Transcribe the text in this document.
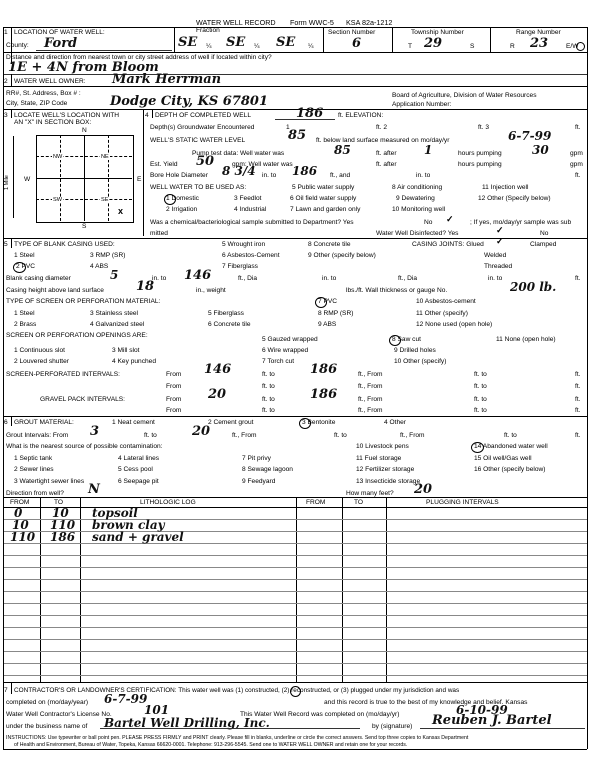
WATER WELL RECORD Form WWC-5 KSA 82a-1212
1 LOCATION OF WATER WELL:	Fraction	Section Number	Township Number	Range Number
County: Ford	SE ¼ SE ¼ SE ¼	6	T 29	S	R 23	E/W
Distance and direction from nearest town or city street address of well if located within city?
1E + 4N from Bloom
2 WATER WELL OWNER: Mark Herrman
RR#, St. Address, Box # :	Board of Agriculture, Division of Water Resources
City, State, ZIP Code	Dodge City, KS 67801	Application Number:
3 LOCATE WELL'S LOCATION WITH
AN "X" IN SECTION BOX:
N
S
W	E
1 Mile
NW	NE
SW	SE
x
4 DEPTH OF COMPLETED WELL	186 ft. ELEVATION:
Depth(s) Groundwater Encountered	1	ft. 2	ft. 3	ft.
WELL'S STATIC WATER LEVEL	85 ft. below land surface measured on mo/day/yr	6-7-99
Pump test data: Well water was	85	ft. after 1	hours pumping	30	gpm
Est. Yield 50	gpm: Well water was	ft. after	hours pumping	gpm
Bore Hole Diameter 8 3/4 in. to 186 ft., and	in. to	ft.
WELL WATER TO BE USED AS:	5 Public water supply	8 Air conditioning	11 Injection well
1 Domestic	3 Feedlot	6 Oil field water supply	9 Dewatering	12 Other (Specify below)
2 Irrigation	4 Industrial	7 Lawn and garden only	10 Monitoring well
Was a chemical/bacteriological sample submitted to Department? Yes	No ✓ ; If yes, mo/day/yr sample was sub
mitted	Water Well Disinfected? Yes	✓	No
5 TYPE OF BLANK CASING USED:	5 Wrought iron	8 Concrete tile	CASING JOINTS: Glued ✓	Clamped
1 Steel	3 RMP (SR)	6 Asbestos-Cement	9 Other (specify below)	Welded
2 PVC	4 ABS	7 Fiberglass	Threaded
Blank casing diameter	5	in. to 146	ft., Dia	in. to	ft., Dia	in. to	ft.
Casing height above land surface 18	in., weight	lbs./ft. Wall thickness or gauge No.	200 lb.
TYPE OF SCREEN OR PERFORATION MATERIAL:	7 PVC	10 Asbestos-cement
1 Steel	3 Stainless steel	5 Fiberglass	8 RMP (SR)	11 Other (specify)
2 Brass	4 Galvanized steel	6 Concrete tile	9 ABS	12 None used (open hole)
SCREEN OR PERFORATION OPENINGS ARE:
5 Gauzed wrapped	8 Saw cut	11 None (open hole)
1 Continuous slot	3 Mill slot	6 Wire wrapped	9 Drilled holes
2 Louvered shutter	4 Key punched	7 Torch cut	10 Other (specify)
SCREEN-PERFORATED INTERVALS:	From 146	ft. to	186	ft., From	ft. to	ft.
From	ft. to	ft., From	ft. to	ft.
GRAVEL PACK INTERVALS:	From 20	ft. to	186	ft., From	ft. to	ft.
From	ft. to	ft., From	ft. to	ft.
6 GROUT MATERIAL:	1 Neat cement	2 Cement grout	3 Bentonite	4 Other
Grout Intervals: From 3	ft. to	20	ft., From	ft. to	ft., From	ft. to	ft.
What is the nearest source of possible contamination:	10 Livestock pens	14 Abandoned water well
1 Septic tank	4 Lateral lines	7 Pit privy	11 Fuel storage	15 Oil well/Gas well
2 Sewer lines	5 Cess pool	8 Sewage lagoon	12 Fertilizer storage	16 Other (specify below)
3 Watertight sewer lines	6 Seepage pit	9 Feedyard	13 Insecticide storage
Direction from well? N	How many feet? 20
FROM	TO	LITHOLOGIC LOG	FROM	TO	PLUGGING INTERVALS
0 10 topsoil
10 110 brown clay
110 186 sand + gravel
7 CONTRACTOR'S OR LANDOWNER'S CERTIFICATION: This water well was (1) constructed, (2) reconstructed, or (3) plugged under my jurisdiction and was
completed on (mo/day/year) 6-7-99	and this record is true to the best of my knowledge and belief. Kansas
Water Well Contractor's License No.	101	This Water Well Record was completed on (mo/day/yr)	6-10-99
under the business name of Bartel Well Drilling, Inc.	by (signature) Reuben J. Bartel
INSTRUCTIONS: Use typewriter or ball point pen. PLEASE PRESS FIRMLY and PRINT clearly. Please fill in blanks, underline or circle the correct answers. Send top three copies to Kansas Department
of Health and Environment, Bureau of Water, Topeka, Kansas 66620-0001. Telephone: 913-296-5545. Send one to WATER WELL OWNER and retain one for your records.
